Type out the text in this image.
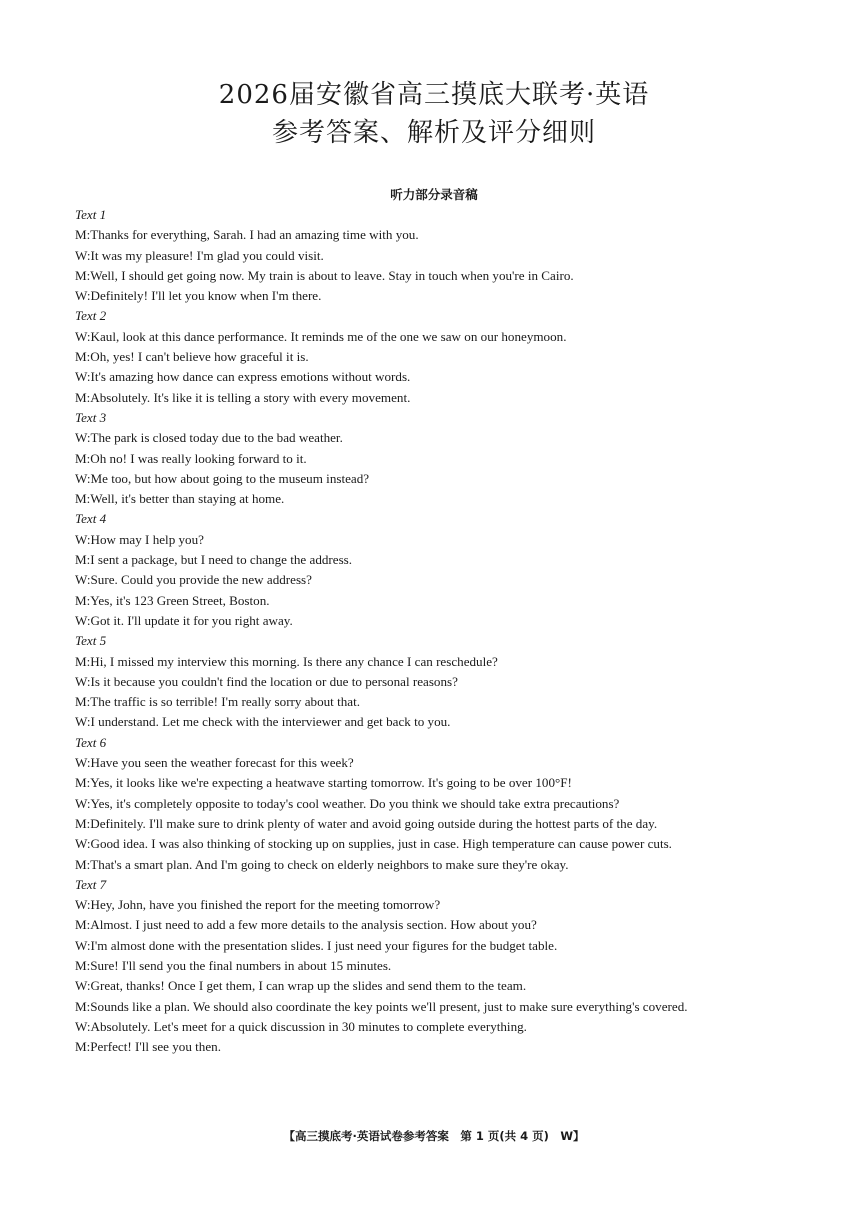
2026届安徽省高三摸底大联考·英语
参考答案、解析及评分细则
听力部分录音稿

Text 1

M:Thanks for everything, Sarah. I had an amazing time with you.

W:It was my pleasure! I'm glad you could visit.

M:Well, I should get going now. My train is about to leave. Stay in touch when you're in Cairo.

W:Definitely! I'll let you know when I'm there.

Text 2

W:Kaul, look at this dance performance. It reminds me of the one we saw on our honeymoon.

M:Oh, yes! I can't believe how graceful it is.

W:It's amazing how dance can express emotions without words.

M:Absolutely. It's like it is telling a story with every movement.

Text 3

W:The park is closed today due to the bad weather.

M:Oh no! I was really looking forward to it.

W:Me too, but how about going to the museum instead?

M:Well, it's better than staying at home.

Text 4

W:How may I help you?

M:I sent a package, but I need to change the address.

W:Sure. Could you provide the new address?

M:Yes, it's 123 Green Street, Boston.

W:Got it. I'll update it for you right away.

Text 5

M:Hi, I missed my interview this morning. Is there any chance I can reschedule?

W:Is it because you couldn't find the location or due to personal reasons?

M:The traffic is so terrible! I'm really sorry about that.

W:I understand. Let me check with the interviewer and get back to you.

Text 6

W:Have you seen the weather forecast for this week?

M:Yes, it looks like we're expecting a heatwave starting tomorrow. It's going to be over 100°F!

W:Yes, it's completely opposite to today's cool weather. Do you think we should take extra precautions?

M:Definitely. I'll make sure to drink plenty of water and avoid going outside during the hottest parts of the day.

W:Good idea. I was also thinking of stocking up on supplies, just in case. High temperature can cause power cuts.

M:That's a smart plan. And I'm going to check on elderly neighbors to make sure they're okay.

Text 7

W:Hey, John, have you finished the report for the meeting tomorrow?

M:Almost. I just need to add a few more details to the analysis section. How about you?

W:I'm almost done with the presentation slides. I just need your figures for the budget table.

M:Sure! I'll send you the final numbers in about 15 minutes.

W:Great, thanks! Once I get them, I can wrap up the slides and send them to the team.

M:Sounds like a plan. We should also coordinate the key points we'll present, just to make sure everything's covered.

W:Absolutely. Let's meet for a quick discussion in 30 minutes to complete everything.

M:Perfect! I'll see you then.

【高三摸底考·英语试卷参考答案　第 1 页(共 4 页)　W】
